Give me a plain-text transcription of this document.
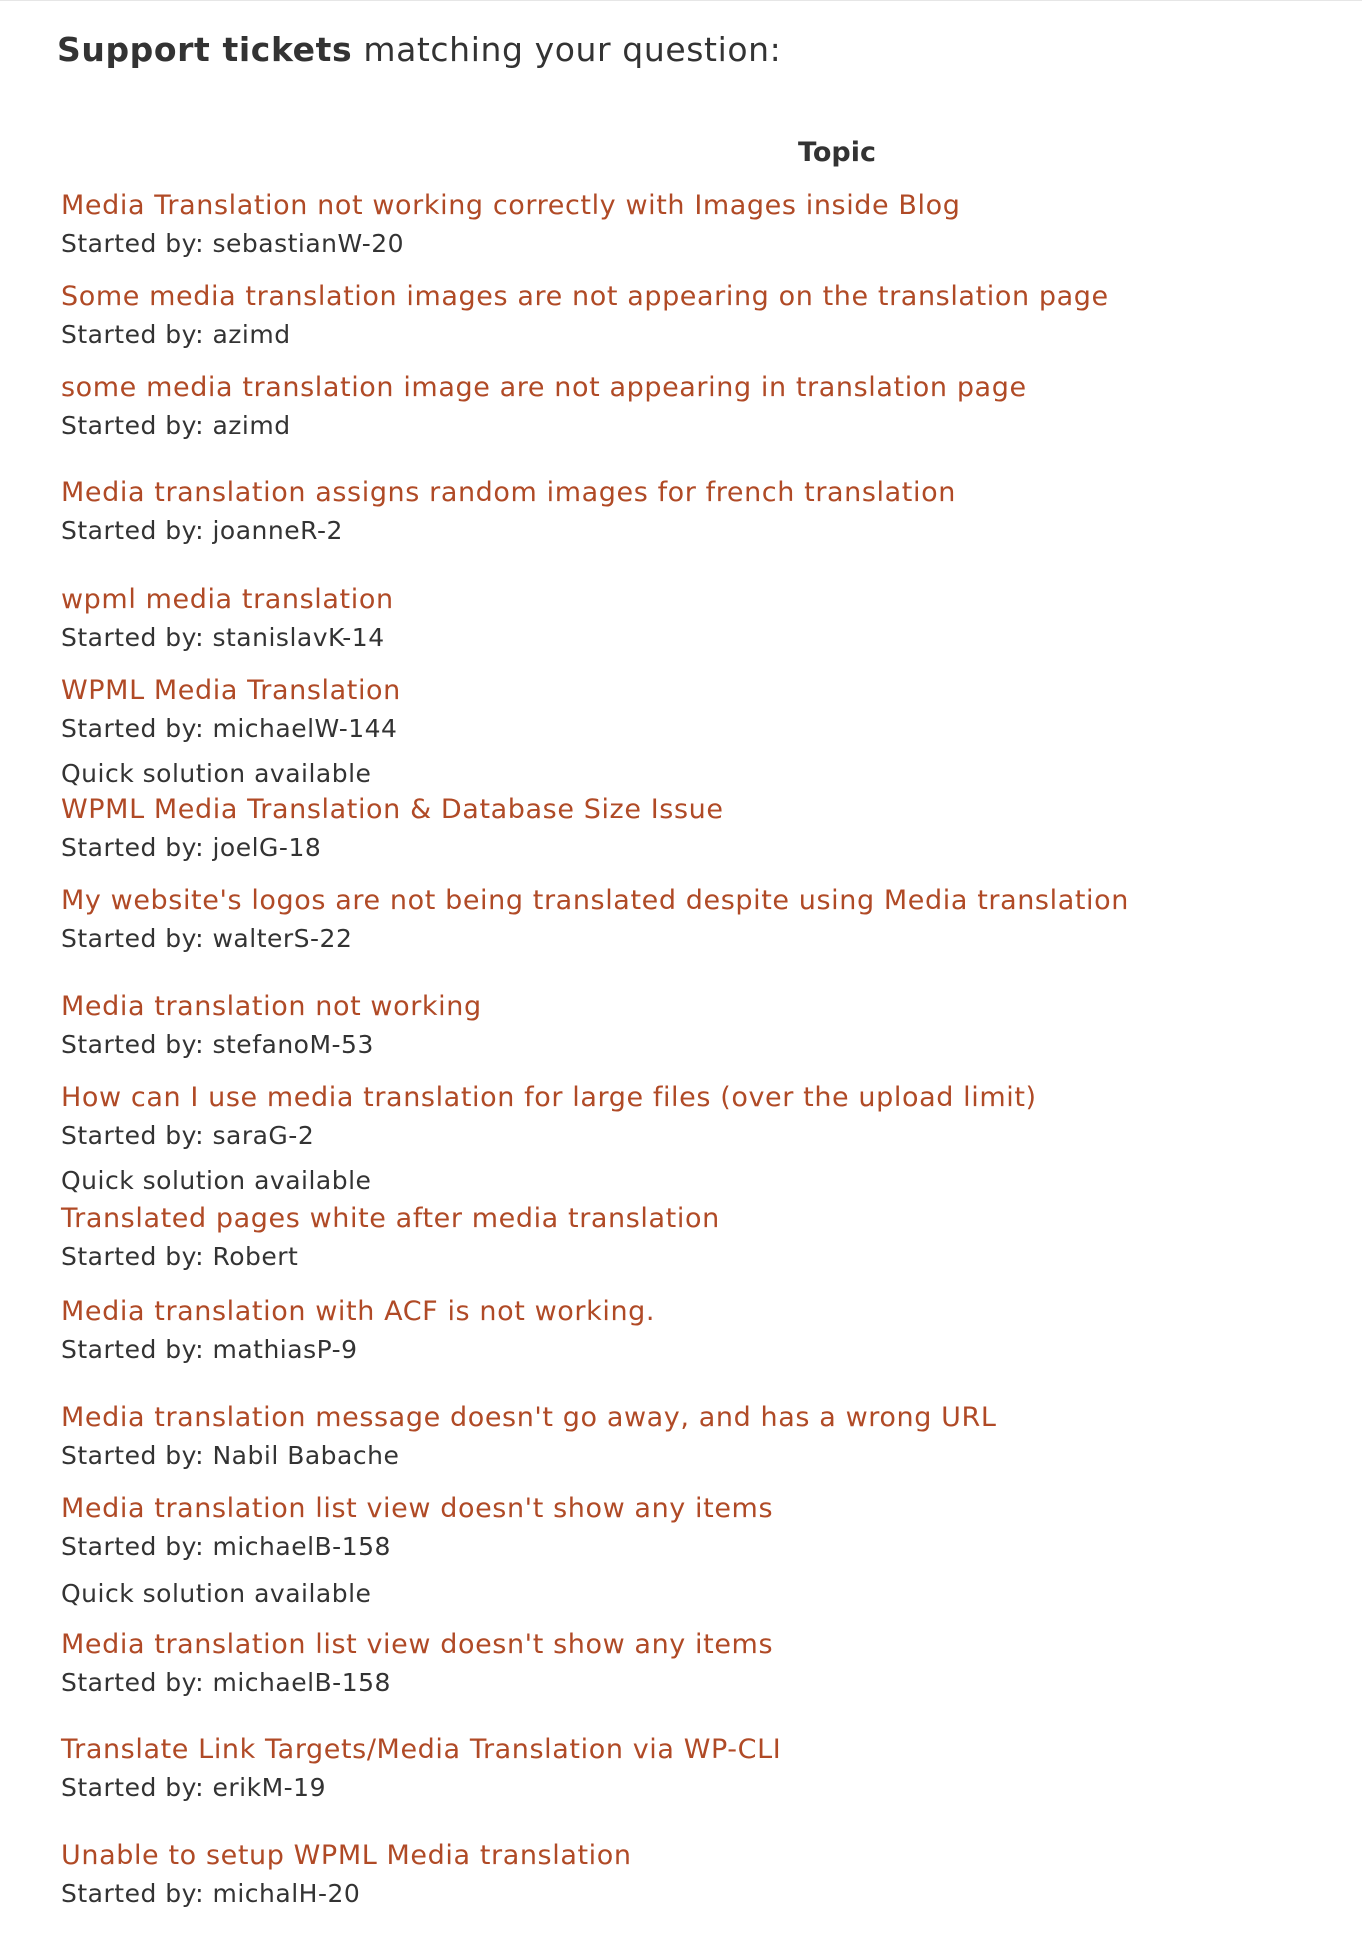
Support tickets matching your question:
Topic
Media Translation not working correctly with Images inside Blog
Started by: sebastianW-20
Some media translation images are not appearing on the translation page
Started by: azimd
some media translation image are not appearing in translation page
Started by: azimd
Media translation assigns random images for french translation
Started by: joanneR-2
wpml media translation
Started by: stanislavK-14
WPML Media Translation
Started by: michaelW-144
Quick solution available
WPML Media Translation & Database Size Issue
Started by: joelG-18
My website's logos are not being translated despite using Media translation
Started by: walterS-22
Media translation not working
Started by: stefanoM-53
How can I use media translation for large files (over the upload limit)
Started by: saraG-2
Quick solution available
Translated pages white after media translation
Started by: Robert
Media translation with ACF is not working.
Started by: mathiasP-9
Media translation message doesn't go away, and has a wrong URL
Started by: Nabil Babache
Media translation list view doesn't show any items
Started by: michaelB-158
Quick solution available
Media translation list view doesn't show any items
Started by: michaelB-158
Translate Link Targets/Media Translation via WP-CLI
Started by: erikM-19
Unable to setup WPML Media translation
Started by: michalH-20
